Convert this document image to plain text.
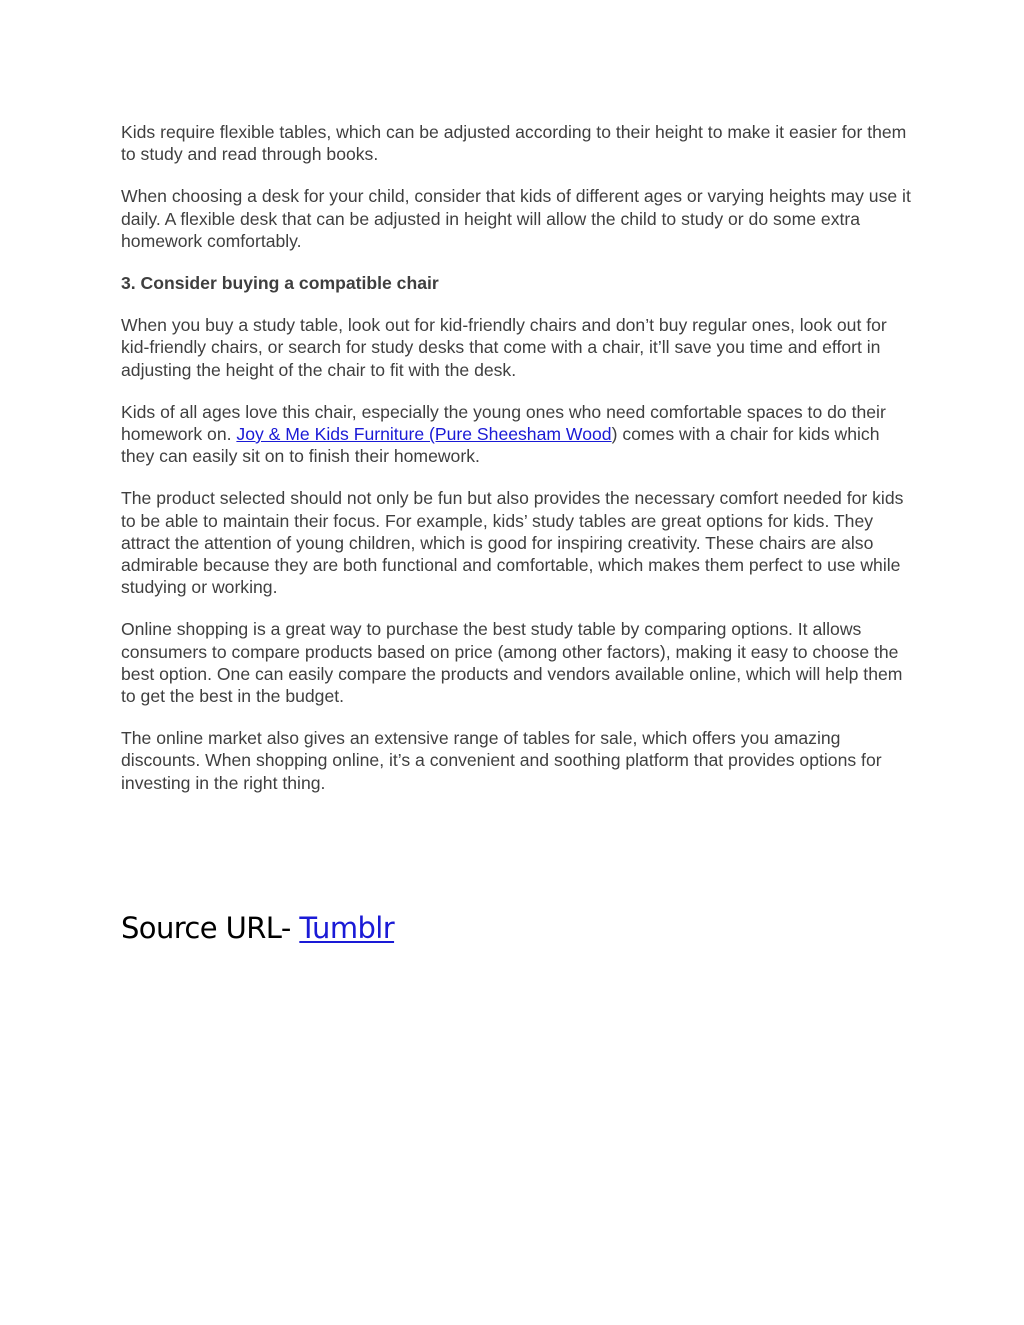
Kids require flexible tables, which can be adjusted according to their height to make it easier for them to study and read through books.

When choosing a desk for your child, consider that kids of different ages or varying heights may use it daily. A flexible desk that can be adjusted in height will allow the child to study or do some extra homework comfortably.

3. Consider buying a compatible chair

When you buy a study table, look out for kid-friendly chairs and don’t buy regular ones, look out for kid-friendly chairs, or search for study desks that come with a chair, it’ll save you time and effort in adjusting the height of the chair to fit with the desk.

Kids of all ages love this chair, especially the young ones who need comfortable spaces to do their homework on. Joy & Me Kids Furniture (Pure Sheesham Wood) comes with a chair for kids which they can easily sit on to finish their homework.

The product selected should not only be fun but also provides the necessary comfort needed for kids to be able to maintain their focus. For example, kids’ study tables are great options for kids. They attract the attention of young children, which is good for inspiring creativity. These chairs are also admirable because they are both functional and comfortable, which makes them perfect to use while studying or working.

Online shopping is a great way to purchase the best study table by comparing options. It allows consumers to compare products based on price (among other factors), making it easy to choose the best option. One can easily compare the products and vendors available online, which will help them to get the best in the budget.

The online market also gives an extensive range of tables for sale, which offers you amazing discounts. When shopping online, it’s a convenient and soothing platform that provides options for investing in the right thing.

Source URL- Tumblr
